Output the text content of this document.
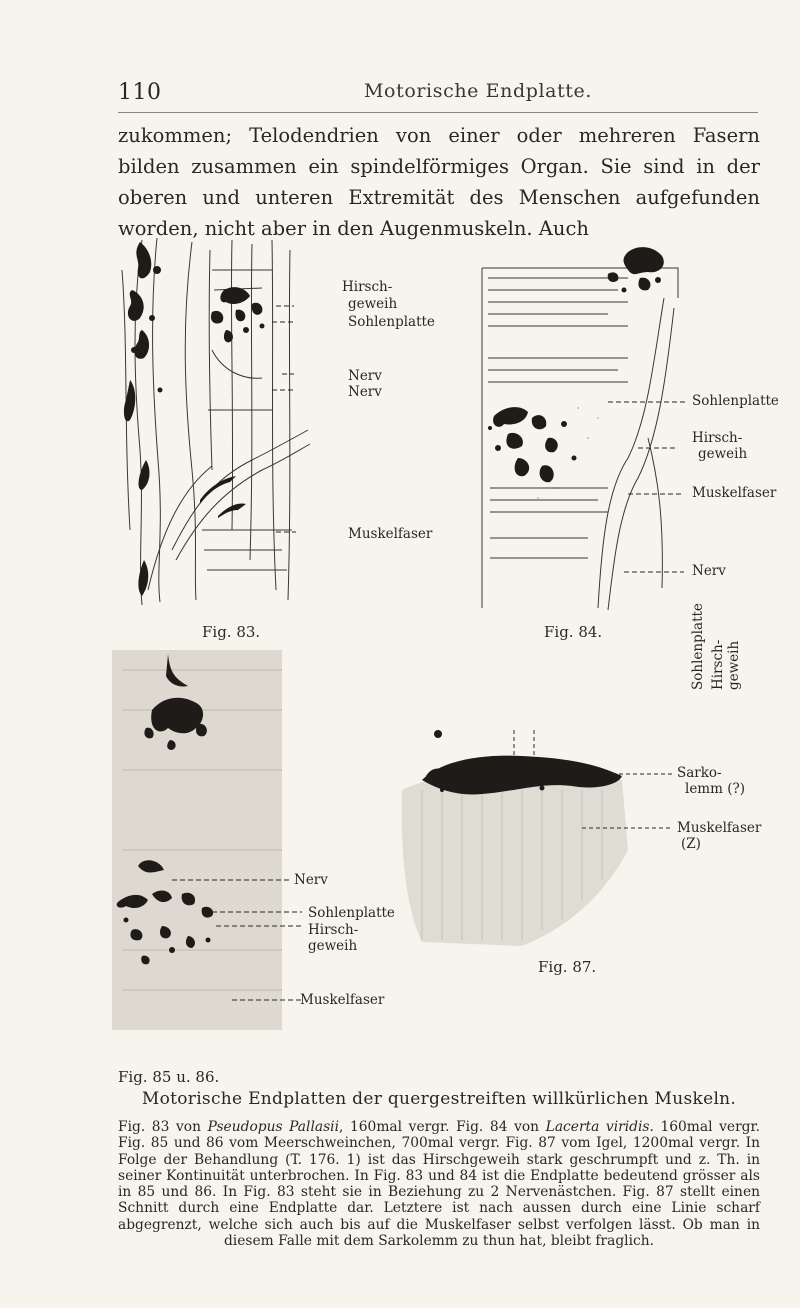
110	Motorische Endplatte.

zukommen; Telodendrien von einer oder mehreren Fasern bilden zusammen ein spindelförmiges Organ. Sie sind in der oberen und unteren Extremität des Menschen aufgefunden worden, nicht aber in den Augenmuskeln. Auch

Hirsch-
geweih
Sohlenplatte
Nerv
Nerv
Muskelfaser
Fig. 83.
Sohlenplatte
Hirsch-
geweih
Muskelfaser
Nerv
Fig. 84.
Nerv
Sohlenplatte
Hirsch-
geweih
Muskelfaser
Sohlenplatte Hirsch- geweih
Sarko-
lemm (?)
Muskelfaser
(Z)
Fig. 87.
Fig. 85 u. 86.
Motorische Endplatten der quergestreiften willkürlichen Muskeln.
Fig. 83 von Pseudopus Pallasii, 160mal vergr. Fig. 84 von Lacerta viridis. 160mal vergr. Fig. 85 und 86 vom Meerschweinchen, 700mal vergr. Fig. 87 vom Igel, 1200mal vergr. In Folge der Behandlung (T. 176. 1) ist das Hirschgeweih stark geschrumpft und z. Th. in seiner Kontinuität unterbrochen. In Fig. 83 und 84 ist die Endplatte bedeutend grösser als in 85 und 86. In Fig. 83 steht sie in Beziehung zu 2 Nervenästchen. Fig. 87 stellt einen Schnitt durch eine Endplatte dar. Letztere ist nach aussen durch eine Linie scharf abgegrenzt, welche sich auch bis auf die Muskelfaser selbst verfolgen lässt. Ob man in diesem Falle mit dem Sarkolemm zu thun hat, bleibt fraglich.
